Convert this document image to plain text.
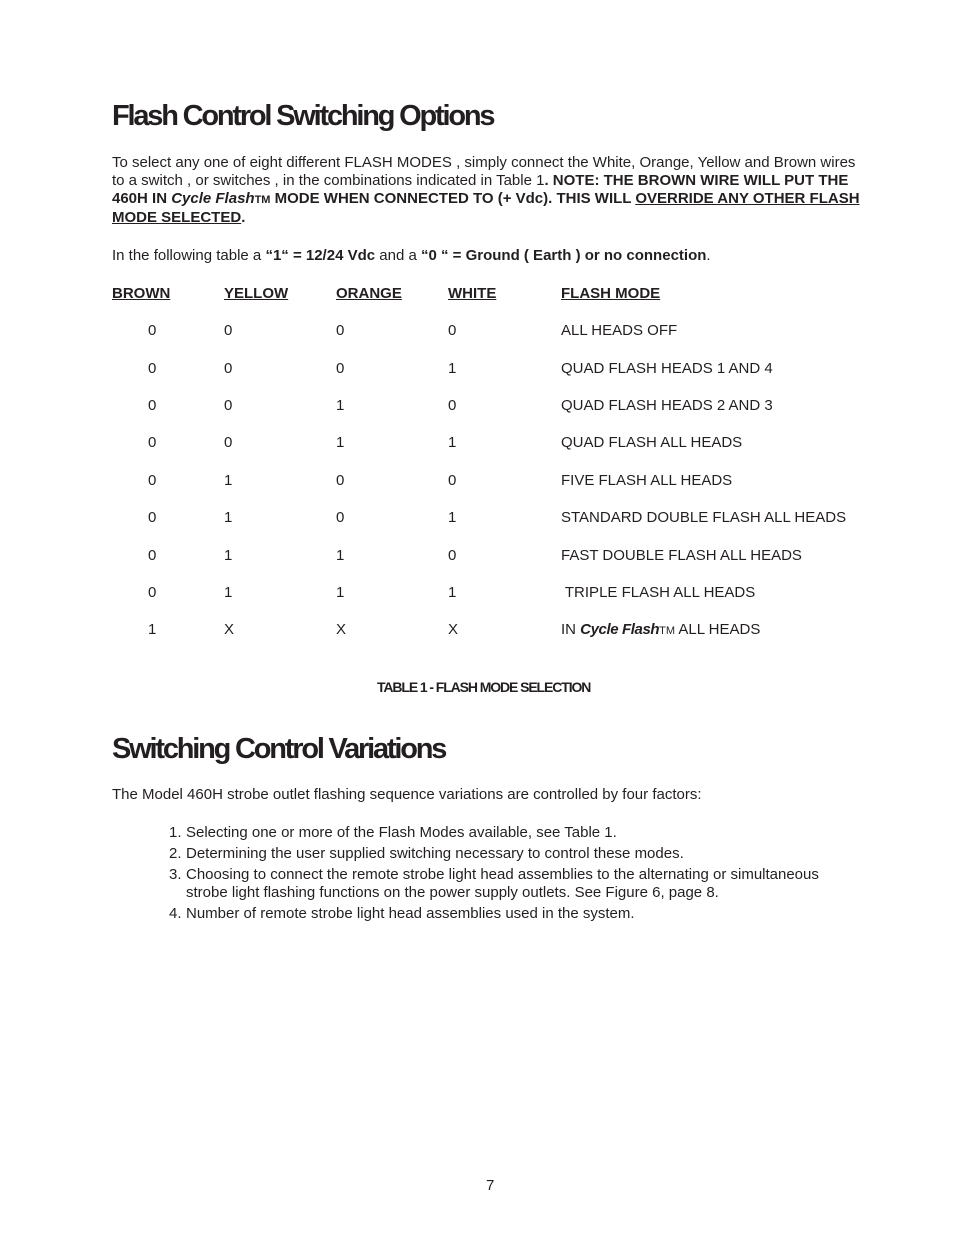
Flash Control Switching Options
To select any one of eight different FLASH MODES , simply connect the White, Orange, Yellow and Brown wires to a switch , or switches , in the combinations indicated in Table 1. NOTE: THE BROWN WIRE WILL PUT THE 460H IN Cycle FlashTM MODE WHEN CONNECTED TO (+ Vdc). THIS WILL OVERRIDE ANY OTHER FLASH MODE SELECTED.
In the following table a “1“ = 12/24 Vdc and a “0 “ = Ground ( Earth ) or no connection.
BROWN	YELLOW	ORANGE	WHITE	FLASH MODE
0	0	0	0	ALL HEADS OFF
0	0	0	1	QUAD FLASH HEADS 1 AND 4
0	0	1	0	QUAD FLASH HEADS 2 AND 3
0	0	1	1	QUAD FLASH ALL HEADS
0	1	0	0	FIVE FLASH ALL HEADS
0	1	0	1	STANDARD DOUBLE FLASH ALL HEADS
0	1	1	0	FAST DOUBLE FLASH ALL HEADS
0	1	1	1	TRIPLE FLASH ALL HEADS
1	X	X	X	IN Cycle FlashTM ALL HEADS
TABLE 1 - FLASH MODE SELECTION
Switching Control Variations
The Model 460H strobe outlet flashing sequence variations are controlled by four factors:
1. Selecting one or more of the Flash Modes available, see Table 1.
2. Determining the user supplied switching necessary to control these modes.
3. Choosing to connect the remote strobe light head assemblies to the alternating or simultaneous strobe light flashing functions on the power supply outlets. See Figure 6, page 8.
4. Number of remote strobe light head assemblies used in the system.
7
